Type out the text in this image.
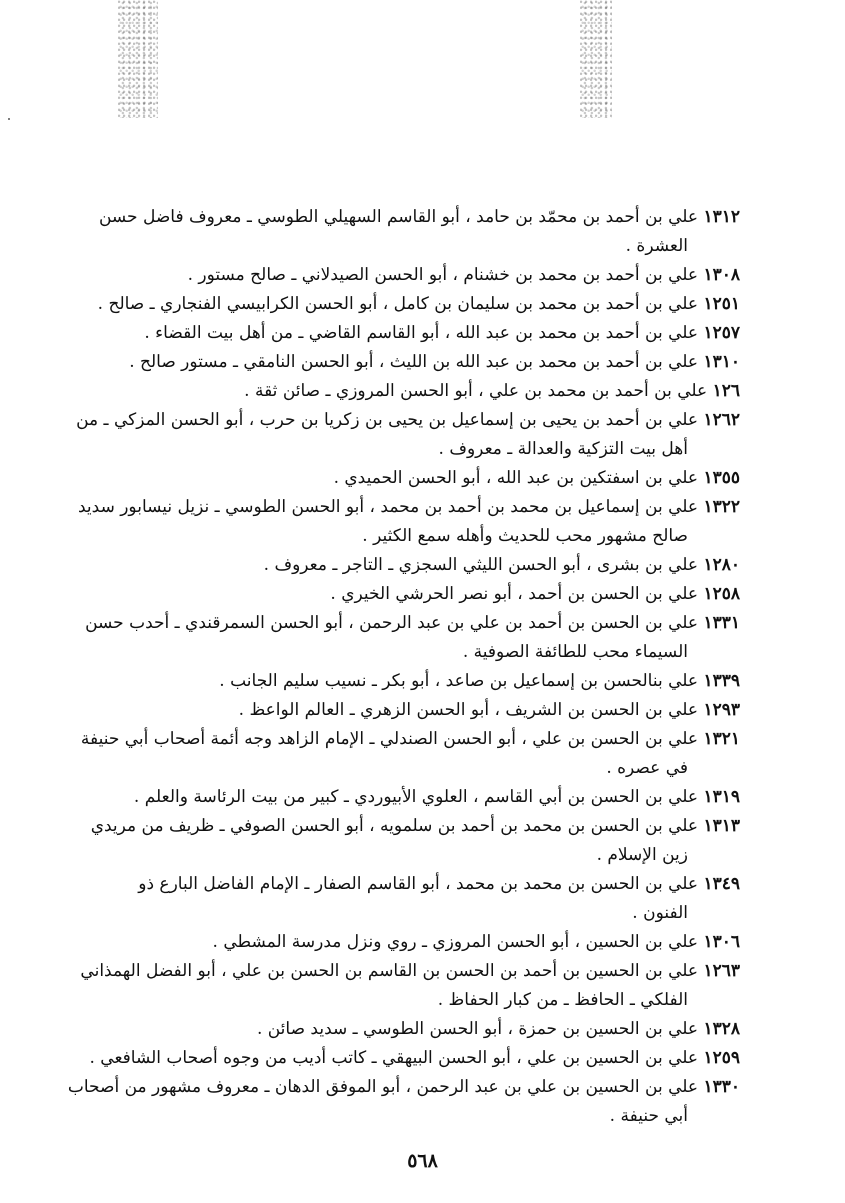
١٣١٢ علي بن أحمد بن محمّد بن حامد ، أبو القاسم السهيلي الطوسي ـ معروف فاضل حسن
العشرة .
١٣٠٨ علي بن أحمد بن محمد بن خشنام ، أبو الحسن الصيدلاني ـ صالح مستور .
١٢٥١ علي بن أحمد بن محمد بن سليمان بن كامل ، أبو الحسن الكرابيسي الفنجاري ـ صالح .
١٢٥٧ علي بن أحمد بن محمد بن عبد الله ، أبو القاسم القاضي ـ من أهل بيت القضاء .
١٣١٠ علي بن أحمد بن محمد بن عبد الله بن الليث ، أبو الحسن النامقي ـ مستور صالح .
١٢٦ علي بن أحمد بن محمد بن علي ، أبو الحسن المروزي ـ صائن ثقة .
١٢٦٢ علي بن أحمد بن يحيى بن إسماعيل بن يحيى بن زكريا بن حرب ، أبو الحسن المزكي ـ من
أهل بيت التزكية والعدالة ـ معروف .
١٣٥٥ علي بن اسفتكين بن عبد الله ، أبو الحسن الحميدي .
١٣٢٢ علي بن إسماعيل بن محمد بن أحمد بن محمد ، أبو الحسن الطوسي ـ نزيل نيسابور سديد
صالح مشهور محب للحديث وأهله سمع الكثير .
١٢٨٠ علي بن بشرى ، أبو الحسن الليثي السجزي ـ التاجر ـ معروف .
١٢٥٨ علي بن الحسن بن أحمد ، أبو نصر الحرشي الخيري .
١٣٣١ علي بن الحسن بن أحمد بن علي بن عبد الرحمن ، أبو الحسن السمرقندي ـ أحدب حسن
السيماء محب للطائفة الصوفية .
١٣٣٩ علي بنالحسن بن إسماعيل بن صاعد ، أبو بكر ـ نسيب سليم الجانب .
١٢٩٣ علي بن الحسن بن الشريف ، أبو الحسن الزهري ـ العالم الواعظ .
١٣٢١ علي بن الحسن بن علي ، أبو الحسن الصندلي ـ الإمام الزاهد وجه أئمة أصحاب أبي حنيفة
في عصره .
١٣١٩ علي بن الحسن بن أبي القاسم ، العلوي الأبيوردي ـ كبير من بيت الرئاسة والعلم .
١٣١٣ علي بن الحسن بن محمد بن أحمد بن سلمويه ، أبو الحسن الصوفي ـ ظريف من مريدي
زين الإسلام .
١٣٤٩ علي بن الحسن بن محمد بن محمد ، أبو القاسم الصفار ـ الإمام الفاضل البارع ذو
الفنون .
١٣٠٦ علي بن الحسين ، أبو الحسن المروزي ـ روي ونزل مدرسة المشطي .
١٢٦٣ علي بن الحسين بن أحمد بن الحسن بن القاسم بن الحسن بن علي ، أبو الفضل الهمذاني
الفلكي ـ الحافظ ـ من كبار الحفاظ .
١٣٢٨ علي بن الحسين بن حمزة ، أبو الحسن الطوسي ـ سديد صائن .
١٢٥٩ علي بن الحسين بن علي ، أبو الحسن البيهقي ـ كاتب أديب من وجوه أصحاب الشافعي .
١٣٣٠ علي بن الحسين بن علي بن عبد الرحمن ، أبو الموفق الدهان ـ معروف مشهور من أصحاب
أبي حنيفة .
٥٦٨
